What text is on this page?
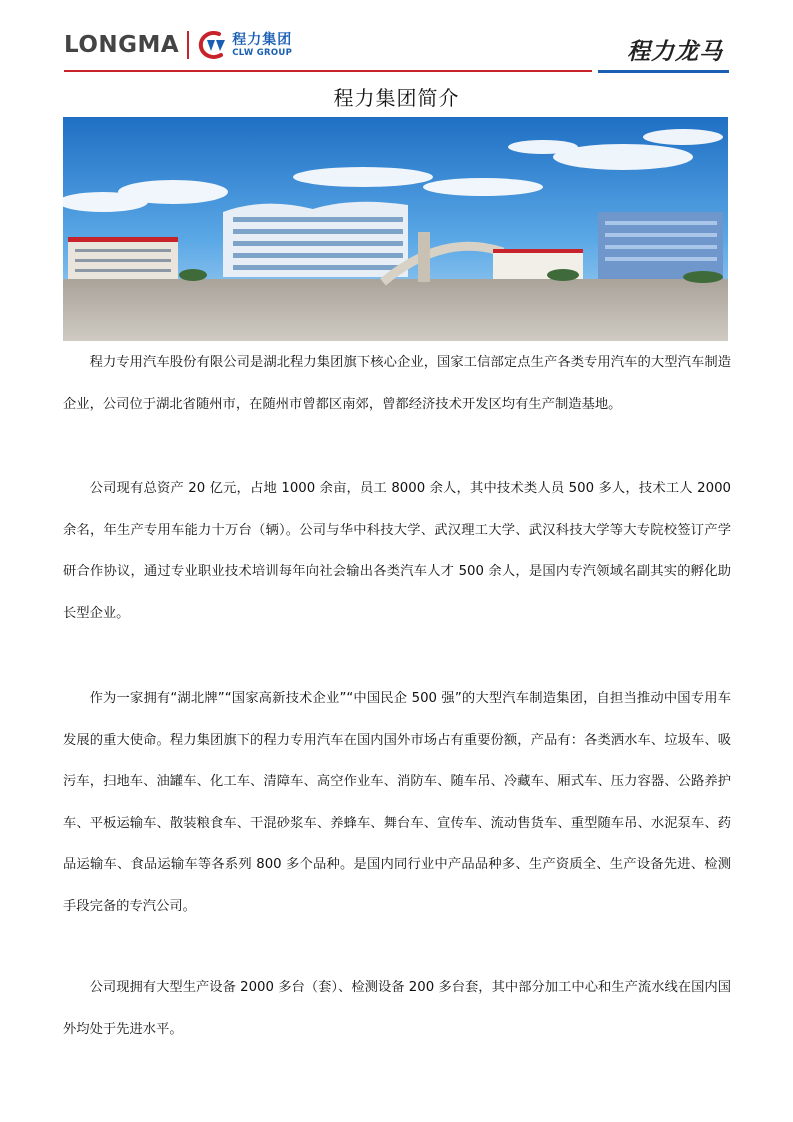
LONGMA	程力集团
CLW GROUP	程力龙马
程力集团简介

程力专用汽车股份有限公司是湖北程力集团旗下核心企业，国家工信部定点生产各类专用汽车的大型汽车制造企业，公司位于湖北省随州市，在随州市曾都区南郊，曾都经济技术开发区均有生产制造基地。

公司现有总资产 20 亿元，占地 1000 余亩，员工 8000 余人，其中技术类人员 500 多人，技术工人 2000 余名，年生产专用车能力十万台（辆）。公司与华中科技大学、武汉理工大学、武汉科技大学等大专院校签订产学研合作协议，通过专业职业技术培训每年向社会输出各类汽车人才 500 余人，是国内专汽领域名副其实的孵化助长型企业。

作为一家拥有“湖北牌”“国家高新技术企业”“中国民企 500 强”的大型汽车制造集团，自担当推动中国专用车发展的重大使命。程力集团旗下的程力专用汽车在国内国外市场占有重要份额，产品有：各类洒水车、垃圾车、吸污车，扫地车、油罐车、化工车、清障车、高空作业车、消防车、随车吊、冷藏车、厢式车、压力容器、公路养护车、平板运输车、散装粮食车、干混砂浆车、养蜂车、舞台车、宣传车、流动售货车、重型随车吊、水泥泵车、药品运输车、食品运输车等各系列 800 多个品种。是国内同行业中产品品种多、生产资质全、生产设备先进、检测手段完备的专汽公司。

公司现拥有大型生产设备 2000 多台（套）、检测设备 200 多台套，其中部分加工中心和生产流水线在国内国外均处于先进水平。
